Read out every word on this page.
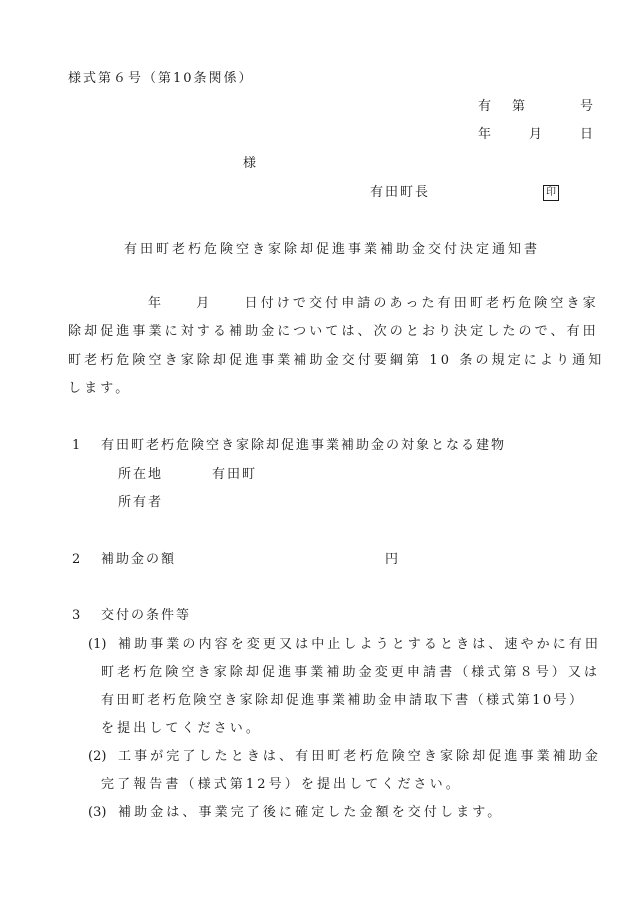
様式第６号（第10条関係）
有　第　　　号
年　　月　　日
様
有田町長	印
有田町老朽危険空き家除却促進事業補助金交付決定通知書
年　　月　　日付けで交付申請のあった有田町老朽危険空き家
除却促進事業に対する補助金については、次のとおり決定したので、有田
町老朽危険空き家除却促進事業補助金交付要綱第 10 条の規定により通知
します。
1 有田町老朽危険空き家除却促進事業補助金の対象となる建物
所在地	有田町
所有者
2 補助金の額	円
3 交付の条件等
(1) 補助事業の内容を変更又は中止しようとするときは、速やかに有田
町老朽危険空き家除却促進事業補助金変更申請書（様式第８号）又は
有田町老朽危険空き家除却促進事業補助金申請取下書（様式第10号）
を提出してください。
(2) 工事が完了したときは、有田町老朽危険空き家除却促進事業補助金
完了報告書（様式第12号）を提出してください。
(3) 補助金は、事業完了後に確定した金額を交付します。
